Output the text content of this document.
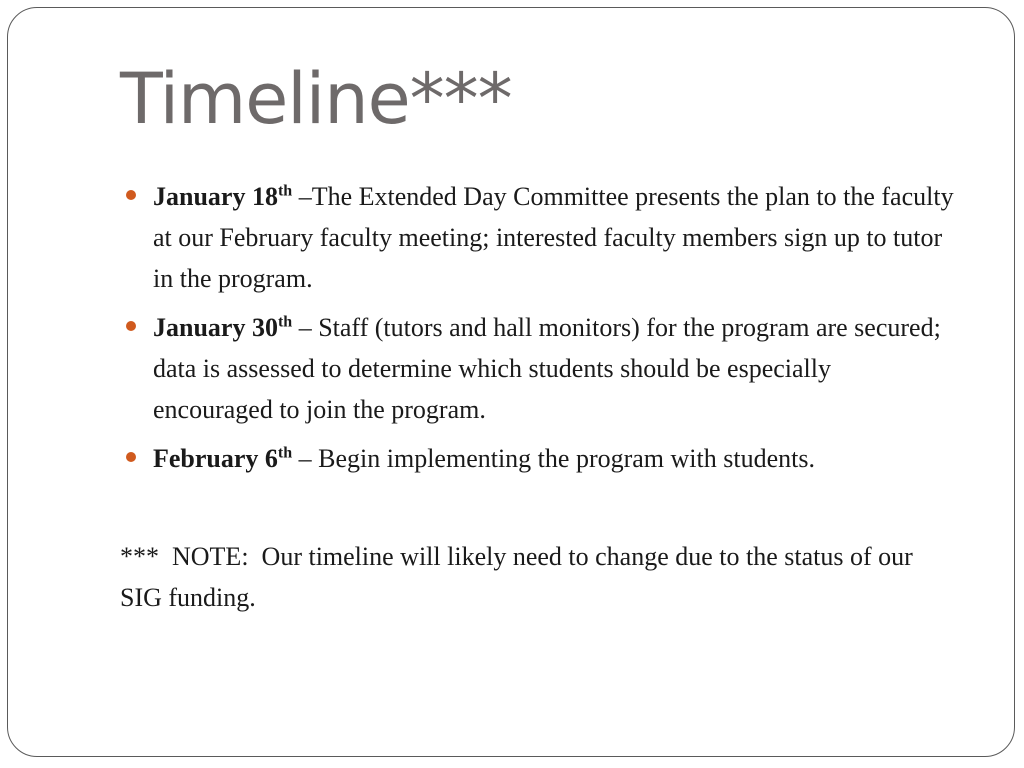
Timeline***
January 18th –The Extended Day Committee presents the plan to the faculty at our February faculty meeting; interested faculty members sign up to tutor in the program.
January 30th – Staff (tutors and hall monitors) for the program are secured; data is assessed to determine which students should be especially encouraged to join the program.
February 6th – Begin implementing the program with students.
***  NOTE:  Our timeline will likely need to change due to the status of our SIG funding.
